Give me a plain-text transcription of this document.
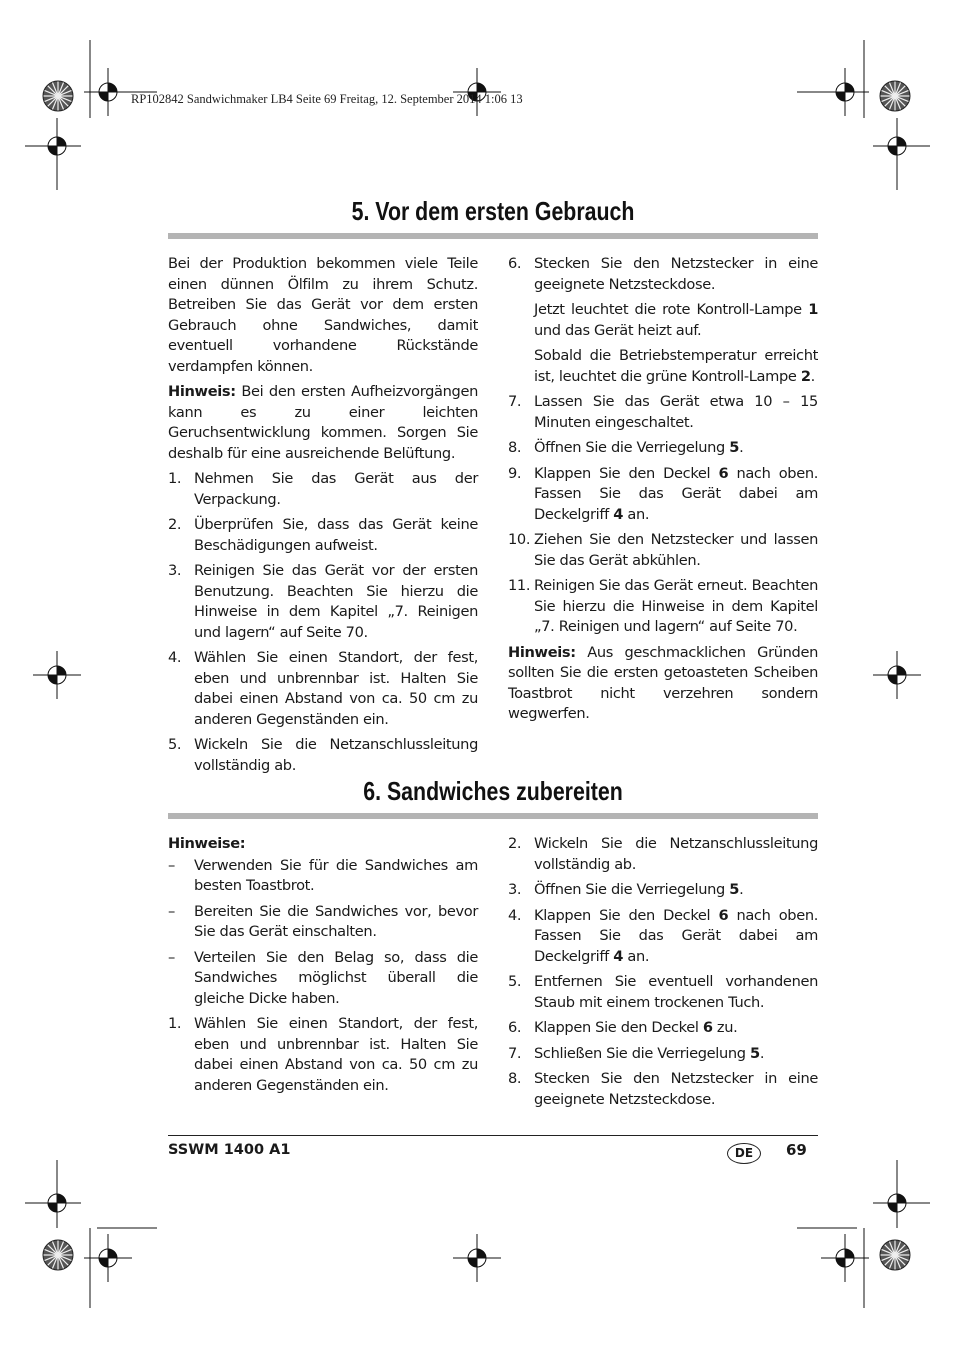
RP102842 Sandwichmaker LB4 Seite 69 Freitag, 12. September 2014 1:06 13
5. Vor dem ersten Gebrauch

Bei der Produktion bekommen viele Teile einen dünnen Ölfilm zu ihrem Schutz. Betreiben Sie das Gerät vor dem ersten Gebrauch ohne Sandwiches, damit eventuell vorhandene Rückstände verdampfen können.

Hinweis: Bei den ersten Aufheizvorgängen kann es zu einer leichten Geruchsentwicklung kommen. Sorgen Sie deshalb für eine ausreichende Belüftung.

1. Nehmen Sie das Gerät aus der Verpackung.
2. Überprüfen Sie, dass das Gerät keine Beschädigungen aufweist.
3. Reinigen Sie das Gerät vor der ersten Benutzung. Beachten Sie hierzu die Hinweise in dem Kapitel „7. Reinigen und lagern“ auf Seite 70.
4. Wählen Sie einen Standort, der fest, eben und unbrennbar ist. Halten Sie dabei einen Abstand von ca. 50 cm zu anderen Gegenständen ein.
5. Wickeln Sie die Netzanschlussleitung vollständig ab.
6. Stecken Sie den Netzstecker in eine geeignete Netzsteckdose.
Jetzt leuchtet die rote Kontroll-Lampe 1 und das Gerät heizt auf.
Sobald die Betriebstemperatur erreicht ist, leuchtet die grüne Kontroll-Lampe 2.
7. Lassen Sie das Gerät etwa 10 – 15 Minuten eingeschaltet.
8. Öffnen Sie die Verriegelung 5.
9. Klappen Sie den Deckel 6 nach oben. Fassen Sie das Gerät dabei am Deckelgriff 4 an.
10. Ziehen Sie den Netzstecker und lassen Sie das Gerät abkühlen.
11. Reinigen Sie das Gerät erneut. Beachten Sie hierzu die Hinweise in dem Kapitel „7. Reinigen und lagern“ auf Seite 70.

Hinweis: Aus geschmacklichen Gründen sollten Sie die ersten getoasteten Scheiben Toastbrot nicht verzehren sondern wegwerfen.

6. Sandwiches zubereiten

Hinweise:

– Verwenden Sie für die Sandwiches am besten Toastbrot.
– Bereiten Sie die Sandwiches vor, bevor Sie das Gerät einschalten.
– Verteilen Sie den Belag so, dass die Sandwiches möglichst überall die gleiche Dicke haben.
1. Wählen Sie einen Standort, der fest, eben und unbrennbar ist. Halten Sie dabei einen Abstand von ca. 50 cm zu anderen Gegenständen ein.
2. Wickeln Sie die Netzanschlussleitung vollständig ab.
3. Öffnen Sie die Verriegelung 5.
4. Klappen Sie den Deckel 6 nach oben. Fassen Sie das Gerät dabei am Deckelgriff 4 an.
5. Entfernen Sie eventuell vorhandenen Staub mit einem trockenen Tuch.
6. Klappen Sie den Deckel 6 zu.
7. Schließen Sie die Verriegelung 5.
8. Stecken Sie den Netzstecker in eine geeignete Netzsteckdose.
SSWM 1400 A1	DE	69
